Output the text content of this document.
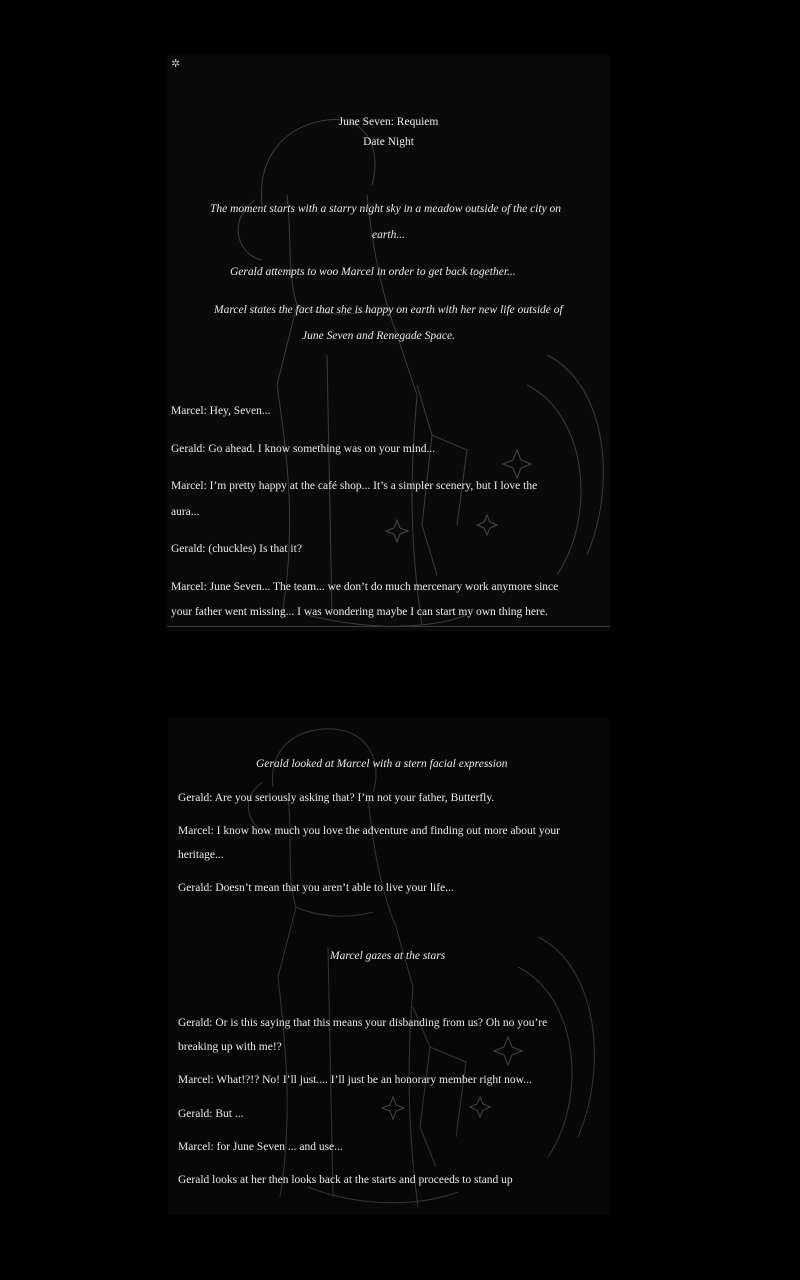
✲
June Seven: Requiem
Date Night
The moment starts with a starry night sky in a meadow outside of the city on
earth...
Gerald attempts to woo Marcel in order to get back together...
Marcel states the fact that she is happy on earth with her new life outside of
June Seven and Renegade Space.
Marcel: Hey, Seven...
Gerald: Go ahead. I know something was on your mind...
Marcel: I’m pretty happy at the café shop... It’s a simpler scenery, but I love the
aura...
Gerald: (chuckles) Is that it?
Marcel: June Seven... The team... we don’t do much mercenary work anymore since
your father went missing... I was wondering maybe I can start my own thing here.
Gerald looked at Marcel with a stern facial expression
Gerald: Are you seriously asking that? I’m not your father, Butterfly.
Marcel: I know how much you love the adventure and finding out more about your
heritage...
Gerald: Doesn’t mean that you aren’t able to live your life...
Marcel gazes at the stars
Gerald: Or is this saying that this means your disbanding from us? Oh no you’re
breaking up with me!?
Marcel: What!?!? No! I’ll just.... I’ll just be an honorary member right now...
Gerald: But ...
Marcel: for June Seven ... and use...
Gerald looks at her then looks back at the starts and proceeds to stand up
